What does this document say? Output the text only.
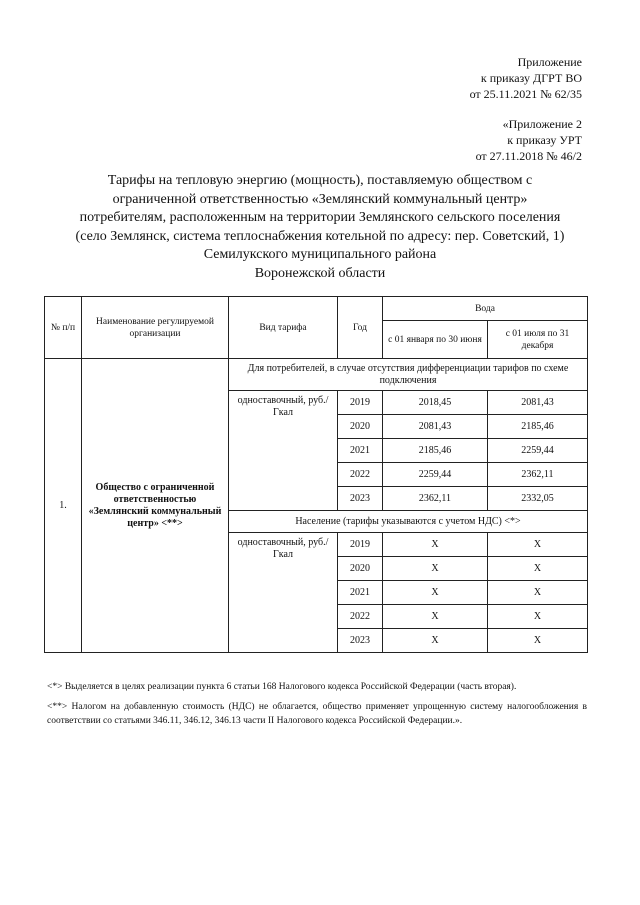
Приложение
к приказу ДГРТ ВО
от 25.11.2021 № 62/35
«Приложение 2
к приказу УРТ
от 27.11.2018 № 46/2
Тарифы на тепловую энергию (мощность), поставляемую обществом с
ограниченной ответственностью «Землянский коммунальный центр»
потребителям, расположенным на территории Землянского сельского поселения
(село Землянск, система теплоснабжения котельной по адресу: пер. Советский, 1)
Семилукского муниципального района
Воронежской области
№ п/п	Наименование регулируемой организации	Вид тарифа	Год	Вода	
				с 01 января по 30 июня	с 01 июля по 31 декабря
1.	Общество с ограниченной ответственностью «Землянский коммунальный центр» <**>	Для потребителей, в случае отсутствия дифференциации тарифов по схеме подключения			
		одноставочный, руб./Гкал	2019	2018,45	2081,43
			2020	2081,43	2185,46
			2021	2185,46	2259,44
			2022	2259,44	2362,11
			2023	2362,11	2332,05
		Население (тарифы указываются с учетом НДС) <*>			
		одноставочный, руб./Гкал	2019	X	X
			2020	X	X
			2021	X	X
			2022	X	X
			2023	X	X

<*> Выделяется в целях реализации пункта 6 статьи 168 Налогового кодекса Российской Федерации (часть вторая).

<**> Налогом на добавленную стоимость (НДС) не облагается, общество применяет упрощенную систему налогообложения в соответствии со статьями 346.11, 346.12, 346.13 части II Налогового кодекса Российской Федерации.».
